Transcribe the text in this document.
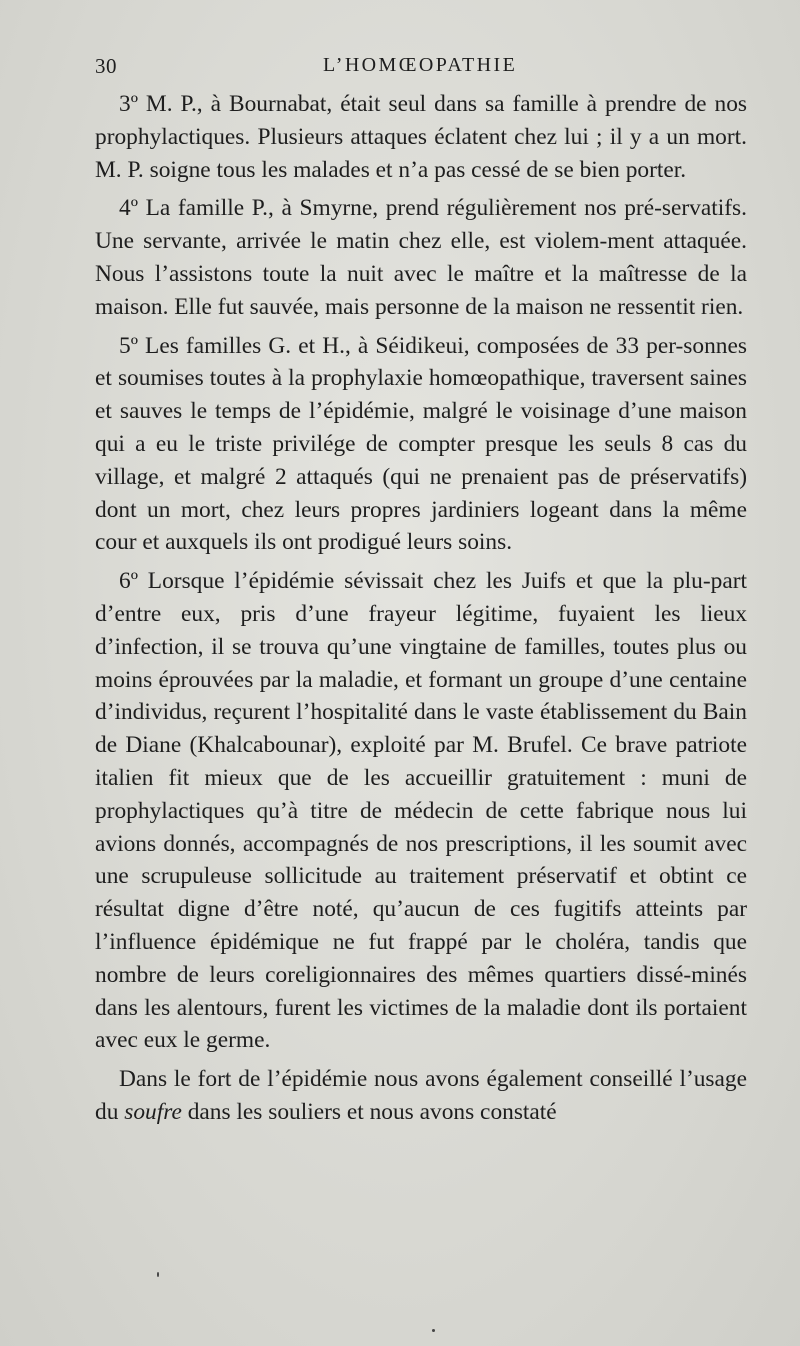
30	L’HOMŒOPATHIE

3º M. P., à Bournabat, était seul dans sa famille à prendre de nos prophylactiques. Plusieurs attaques éclatent chez lui ; il y a un mort. M. P. soigne tous les malades et n’a pas cessé de se bien porter.

4º La famille P., à Smyrne, prend régulièrement nos pré-servatifs. Une servante, arrivée le matin chez elle, est violem-ment attaquée. Nous l’assistons toute la nuit avec le maître et la maîtresse de la maison. Elle fut sauvée, mais personne de la maison ne ressentit rien.

5º Les familles G. et H., à Séidikeui, composées de 33 per-sonnes et soumises toutes à la prophylaxie homœopathique, traversent saines et sauves le temps de l’épidémie, malgré le voisinage d’une maison qui a eu le triste privilége de compter presque les seuls 8 cas du village, et malgré 2 attaqués (qui ne prenaient pas de préservatifs) dont un mort, chez leurs propres jardiniers logeant dans la même cour et auxquels ils ont prodigué leurs soins.

6º Lorsque l’épidémie sévissait chez les Juifs et que la plu-part d’entre eux, pris d’une frayeur légitime, fuyaient les lieux d’infection, il se trouva qu’une vingtaine de familles, toutes plus ou moins éprouvées par la maladie, et formant un groupe d’une centaine d’individus, reçurent l’hospitalité dans le vaste établissement du Bain de Diane (Khalcabounar), exploité par M. Brufel. Ce brave patriote italien fit mieux que de les accueillir gratuitement : muni de prophylactiques qu’à titre de médecin de cette fabrique nous lui avions donnés, accompagnés de nos prescriptions, il les soumit avec une scrupuleuse sollicitude au traitement préservatif et obtint ce résultat digne d’être noté, qu’aucun de ces fugitifs atteints par l’influence épidémique ne fut frappé par le choléra, tandis que nombre de leurs coreligionnaires des mêmes quartiers dissé-minés dans les alentours, furent les victimes de la maladie dont ils portaient avec eux le germe.

Dans le fort de l’épidémie nous avons également conseillé l’usage du soufre dans les souliers et nous avons constaté
